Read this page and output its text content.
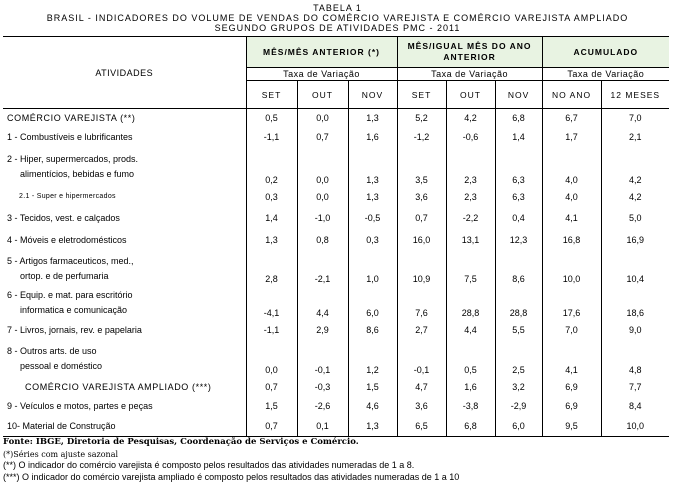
TABELA 1
BRASIL - INDICADORES DO VOLUME DE VENDAS DO COMÉRCIO VAREJISTA E COMÉRCIO VAREJISTA AMPLIADO
SEGUNDO GRUPOS DE ATIVIDADES PMC - 2011
ATIVIDADES	MÊS/MÊS ANTERIOR (*)			MÊS/IGUAL MÊS DO ANO
ANTERIOR			ACUMULADO	
	Taxa de Variação			Taxa de Variação			Taxa de Variação	
	SET	OUT	NOV	SET	OUT	NOV	NO ANO	12 MESES
COMÉRCIO VAREJISTA (**)	0,5	0,0	1,3	5,2	4,2	6,8	6,7	7,0
1 - Combustíveis e lubrificantes	-1,1	0,7	1,6	-1,2	-0,6	1,4	1,7	2,1

2 - Hiper, supermercados, prods.
alimentícios, bebidas e fumo	0,2	0,0	1,3	3,5	2,3	6,3	4,0	4,2
2.1 - Super e hipermercados	0,3	0,0	1,3	3,6	2,3	6,3	4,0	4,2
3 - Tecidos, vest. e calçados	1,4	-1,0	-0,5	0,7	-2,2	0,4	4,1	5,0
4 - Móveis e eletrodomésticos	1,3	0,8	0,3	16,0	13,1	12,3	16,8	16,9

5 - Artigos farmaceuticos, med.,
ortop. e de perfumaria	2,8	-2,1	1,0	10,9	7,5	8,6	10,0	10,4

6 - Equip. e mat. para escritório
informatica e comunicação	-4,1	4,4	6,0	7,6	28,8	28,8	17,6	18,6
7 - Livros, jornais, rev. e papelaria	-1,1	2,9	8,6	2,7	4,4	5,5	7,0	9,0

8 - Outros arts. de uso
pessoal e doméstico	0,0	-0,1	1,2	-0,1	0,5	2,5	4,1	4,8
COMÉRCIO VAREJISTA AMPLIADO (***)	0,7	-0,3	1,5	4,7	1,6	3,2	6,9	7,7
9 - Veículos e motos, partes e peças	1,5	-2,6	4,6	3,6	-3,8	-2,9	6,9	8,4
10- Material de Construção	0,7	0,1	1,3	6,5	6,8	6,0	9,5	10,0
Fonte: IBGE, Diretoria de Pesquisas, Coordenação de Serviços e Comércio.
(*)Séries com ajuste sazonal
(**) O indicador do comércio varejista é composto pelos resultados das atividades numeradas de 1 a 8.
(***) O indicador do comércio varejista ampliado é composto pelos resultados das atividades numeradas de 1 a 10
